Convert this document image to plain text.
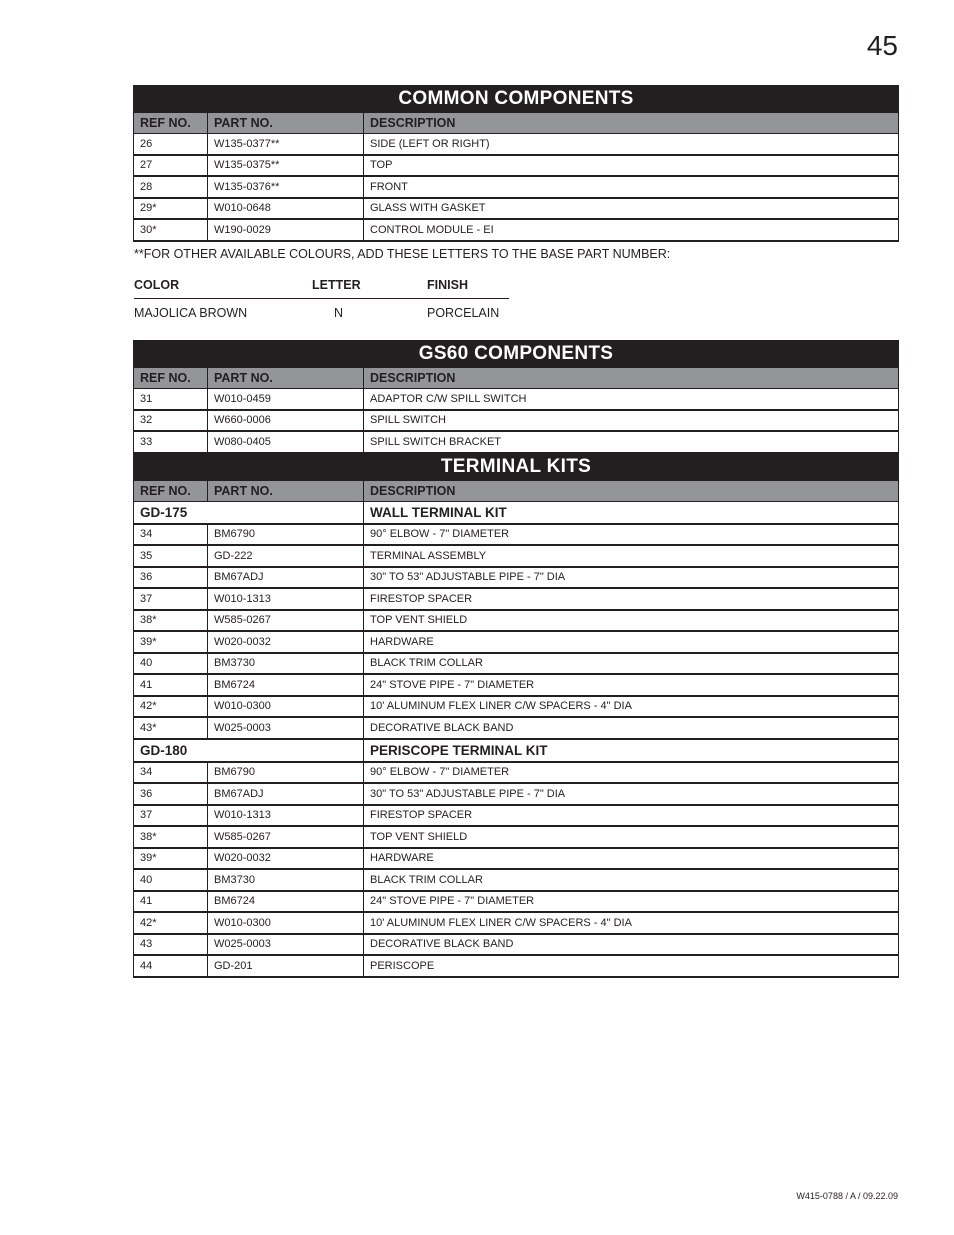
45
COMMON COMPONENTS		
REF NO.	PART NO.	DESCRIPTION
26	W135-0377**	SIDE (LEFT OR RIGHT)
27	W135-0375**	TOP
28	W135-0376**	FRONT
29*	W010-0648	GLASS WITH GASKET
30*	W190-0029	CONTROL MODULE - EI
**FOR OTHER AVAILABLE COLOURS, ADD THESE LETTERS TO THE BASE PART NUMBER:
COLOR	LETTER	FINISH
MAJOLICA BROWN	N	PORCELAIN
GS60 COMPONENTS		
REF NO.	PART NO.	DESCRIPTION
31	W010-0459	ADAPTOR C/W SPILL SWITCH
32	W660-0006	SPILL SWITCH
33	W080-0405	SPILL SWITCH BRACKET
TERMINAL KITS		
REF NO.	PART NO.	DESCRIPTION
GD-175		WALL TERMINAL KIT
34	BM6790	90° ELBOW - 7" DIAMETER
35	GD-222	TERMINAL ASSEMBLY
36	BM67ADJ	30" TO 53" ADJUSTABLE PIPE - 7" DIA
37	W010-1313	FIRESTOP SPACER
38*	W585-0267	TOP VENT SHIELD
39*	W020-0032	HARDWARE
40	BM3730	BLACK TRIM COLLAR
41	BM6724	24" STOVE PIPE - 7" DIAMETER
42*	W010-0300	10' ALUMINUM FLEX LINER C/W SPACERS - 4" DIA
43*	W025-0003	DECORATIVE BLACK BAND
GD-180		PERISCOPE TERMINAL KIT
34	BM6790	90° ELBOW - 7" DIAMETER
36	BM67ADJ	30" TO 53" ADJUSTABLE PIPE - 7" DIA
37	W010-1313	FIRESTOP SPACER
38*	W585-0267	TOP VENT SHIELD
39*	W020-0032	HARDWARE
40	BM3730	BLACK TRIM COLLAR
41	BM6724	24" STOVE PIPE - 7" DIAMETER
42*	W010-0300	10' ALUMINUM FLEX LINER C/W SPACERS - 4" DIA
43	W025-0003	DECORATIVE BLACK BAND
44	GD-201	PERISCOPE
W415-0788 / A / 09.22.09
